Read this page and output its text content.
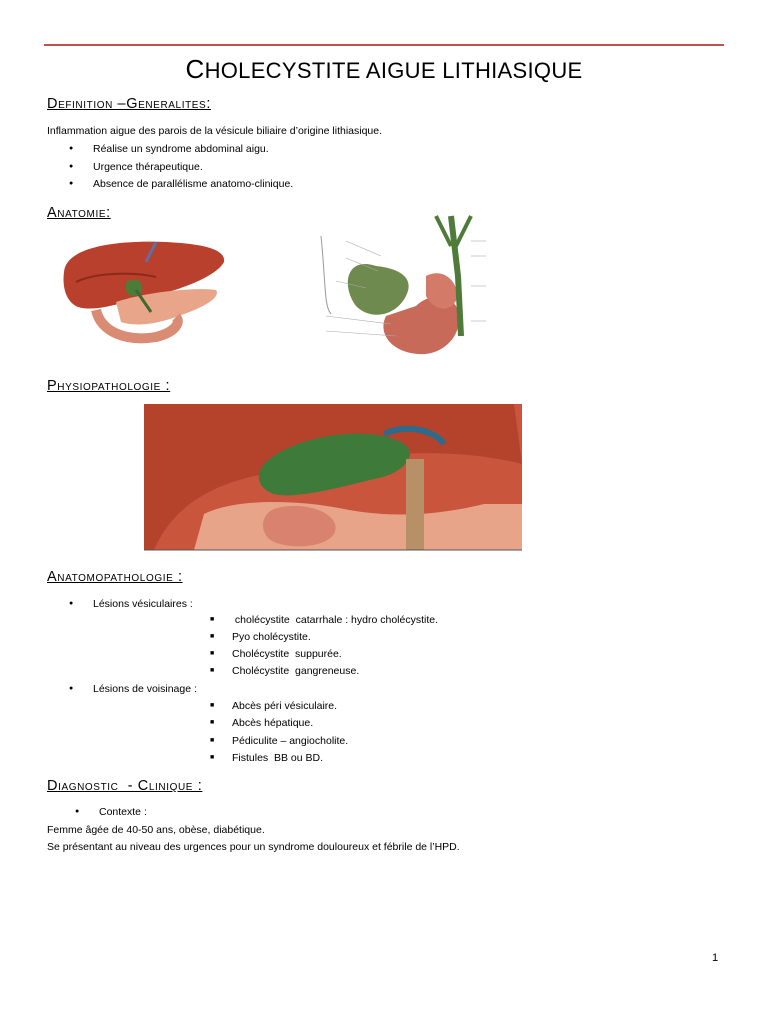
CHOLECYSTITE AIGUE LITHIASIQUE
Definition –Generalites:
Inflammation aigue des parois de la vésicule biliaire d’origine lithiasique.
● Réalise un syndrome abdominal aigu.
● Urgence thérapeutique.
● Absence de parallélisme anatomo-clinique.
Anatomie:
Physiopathologie :
Anatomopathologie :
● Lésions vésiculaires :
■  cholécystite  catarrhale : hydro cholécystite.
■ Pyo cholécystite.
■ Cholécystite  suppurée.
■ Cholécystite  gangreneuse.
● Lésions de voisinage :
■ Abcès péri vésiculaire.
■ Abcès hépatique.
■ Pédiculite – angiocholite.
■ Fistules  BB ou BD.
Diagnostic  - Clinique :
● Contexte :
Femme âgée de 40-50 ans, obèse, diabétique.
Se présentant au niveau des urgences pour un syndrome douloureux et fébrile de l’HPD.
1
